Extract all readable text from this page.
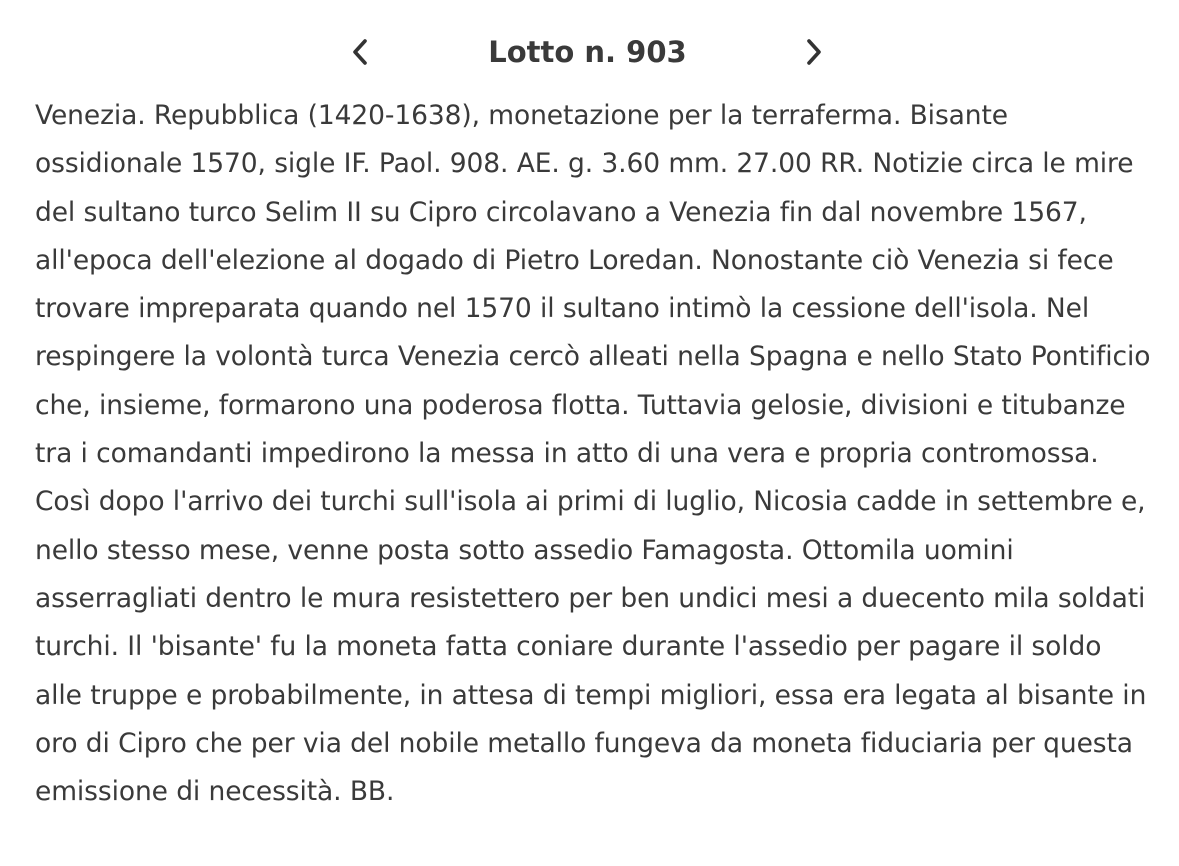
Lotto n. 903

Venezia. Repubblica (1420-1638), monetazione per la terraferma. Bisante ossidionale 1570, sigle IF. Paol. 908. AE. g. 3.60 mm. 27.00 RR. Notizie circa le mire del sultano turco Selim II su Cipro circolavano a Venezia fin dal novembre 1567, all'epoca dell'elezione al dogado di Pietro Loredan. Nonostante ciò Venezia si fece trovare impreparata quando nel 1570 il sultano intimò la cessione dell'isola. Nel respingere la volontà turca Venezia cercò alleati nella Spagna e nello Stato Pontificio che, insieme, formarono una poderosa flotta. Tuttavia gelosie, divisioni e titubanze tra i comandanti impedirono la messa in atto di una vera e propria contromossa. Così dopo l'arrivo dei turchi sull'isola ai primi di luglio, Nicosia cadde in settembre e, nello stesso mese, venne posta sotto assedio Famagosta. Ottomila uomini asserragliati dentro le mura resistettero per ben undici mesi a duecento mila soldati turchi. Il 'bisante' fu la moneta fatta coniare durante l'assedio per pagare il soldo alle truppe e probabilmente, in attesa di tempi migliori, essa era legata al bisante in oro di Cipro che per via del nobile metallo fungeva da moneta fiduciaria per questa emissione di necessità. BB.
